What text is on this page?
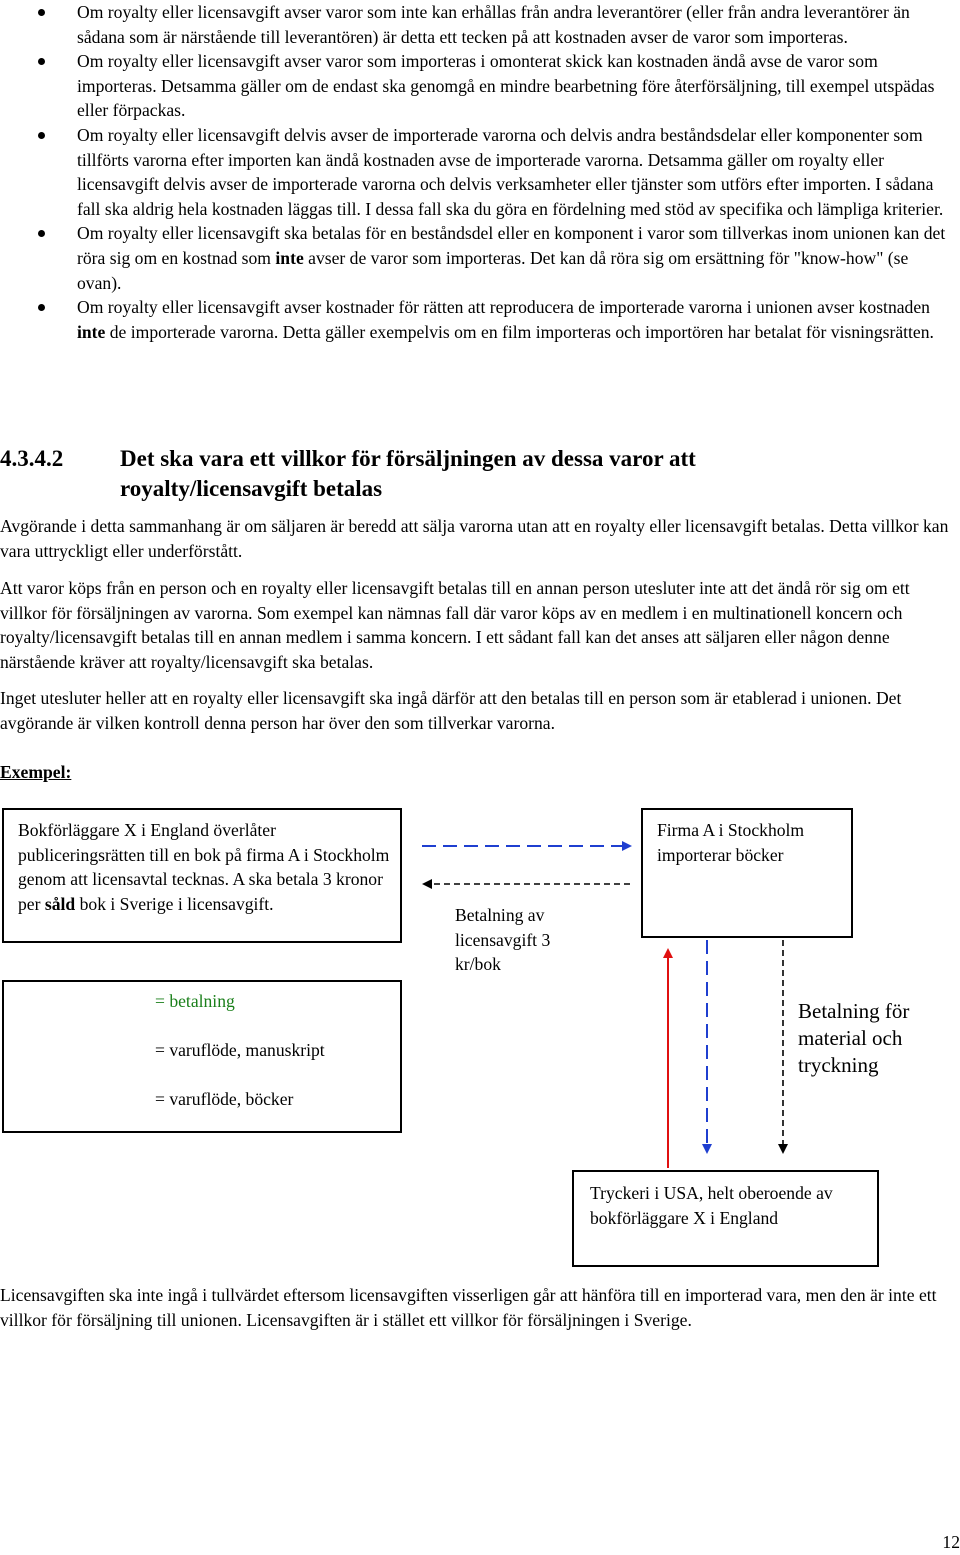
Om royalty eller licensavgift avser varor som inte kan erhållas från andra leverantörer (eller från andra leverantörer än sådana som är närstående till leverantören) är detta ett tecken på att kostnaden avser de varor som importeras.
Om royalty eller licensavgift avser varor som importeras i omonterat skick kan kostnaden ändå avse de varor som importeras. Detsamma gäller om de endast ska genomgå en mindre bearbetning före återförsäljning, till exempel utspädas eller förpackas.
Om royalty eller licensavgift delvis avser de importerade varorna och delvis andra beståndsdelar eller komponenter som tillförts varorna efter importen kan ändå kostnaden avse de importerade varorna. Detsamma gäller om royalty eller licensavgift delvis avser de importerade varorna och delvis verksamheter eller tjänster som utförs efter importen. I sådana fall ska aldrig hela kostnaden läggas till. I dessa fall ska du göra en fördelning med stöd av specifika och lämpliga kriterier.
Om royalty eller licensavgift ska betalas för en beståndsdel eller en komponent i varor som tillverkas inom unionen kan det röra sig om en kostnad som inte avser de varor som importeras. Det kan då röra sig om ersättning för "know-how" (se ovan).
Om royalty eller licensavgift avser kostnader för rätten att reproducera de importerade varorna i unionen avser kostnaden inte de importerade varorna. Detta gäller exempelvis om en film importeras och importören har betalat för visningsrätten.
4.3.4.2 Det ska vara ett villkor för försäljningen av dessa varor att royalty/licensavgift betalas

Avgörande i detta sammanhang är om säljaren är beredd att sälja varorna utan att en royalty eller licensavgift betalas. Detta villkor kan vara uttryckligt eller underförstått.

Att varor köps från en person och en royalty eller licensavgift betalas till en annan person utesluter inte att det ändå rör sig om ett villkor för försäljningen av varorna. Som exempel kan nämnas fall där varor köps av en medlem i en multinationell koncern och royalty/licensavgift betalas till en annan medlem i samma koncern. I ett sådant fall kan det anses att säljaren eller någon denne närstående kräver att royalty/licensavgift ska betalas.

Inget utesluter heller att en royalty eller licensavgift ska ingå därför att den betalas till en person som är etablerad i unionen. Det avgörande är vilken kontroll denna person har över den som tillverkar varorna.

Exempel:
Bokförläggare X i England överlåter publiceringsrätten till en bok på firma A i Stockholm genom att licensavtal tecknas. A ska betala 3 kronor per såld bok i Sverige i licensavgift.
Firma A i Stockholm importerar böcker
Betalning av licensavgift 3 kr/bok
Betalning för material och tryckning
= betalning
= varuflöde, manuskript
= varuflöde, böcker
Tryckeri i USA, helt oberoende av bokförläggare X i England

Licensavgiften ska inte ingå i tullvärdet eftersom licensavgiften visserligen går att hänföra till en importerad vara, men den är inte ett villkor för försäljning till unionen. Licensavgiften är i stället ett villkor för försäljningen i Sverige.

12
